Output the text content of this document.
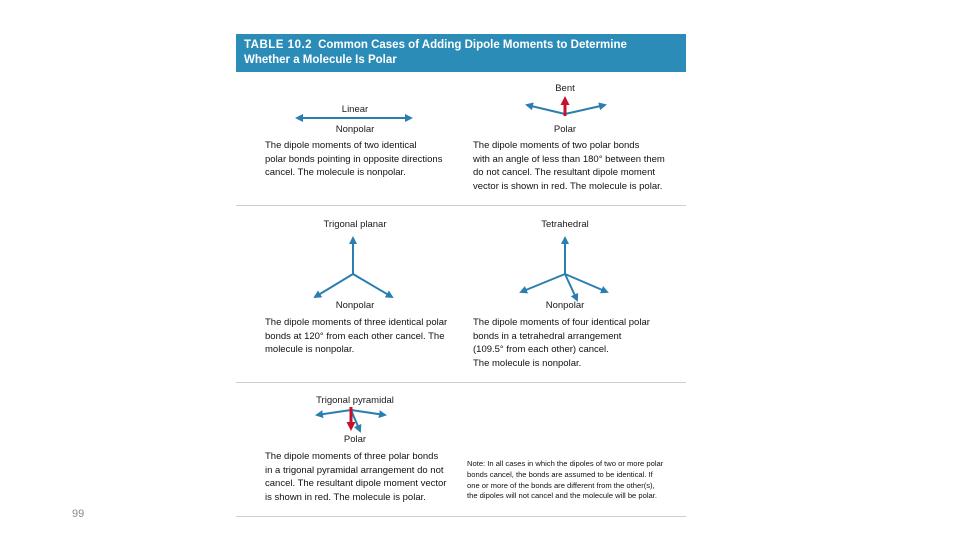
TABLE 10.2 Common Cases of Adding Dipole Moments to Determine
Whether a Molecule Is Polar
Linear
Nonpolar
The dipole moments of two identical
polar bonds pointing in opposite directions
cancel. The molecule is nonpolar.
Bent
Polar
The dipole moments of two polar bonds
with an angle of less than 180° between them
do not cancel. The resultant dipole moment
vector is shown in red. The molecule is polar.
Trigonal planar
Nonpolar
The dipole moments of three identical polar
bonds at 120° from each other cancel. The
molecule is nonpolar.
Tetrahedral
Nonpolar
The dipole moments of four identical polar
bonds in a tetrahedral arrangement
(109.5° from each other) cancel.
The molecule is nonpolar.
Trigonal pyramidal
Polar
The dipole moments of three polar bonds
in a trigonal pyramidal arrangement do not
cancel. The resultant dipole moment vector
is shown in red. The molecule is polar.
Note: In all cases in which the dipoles of two or more polar
bonds cancel, the bonds are assumed to be identical. If
one or more of the bonds are different from the other(s),
the dipoles will not cancel and the molecule will be polar.
99
